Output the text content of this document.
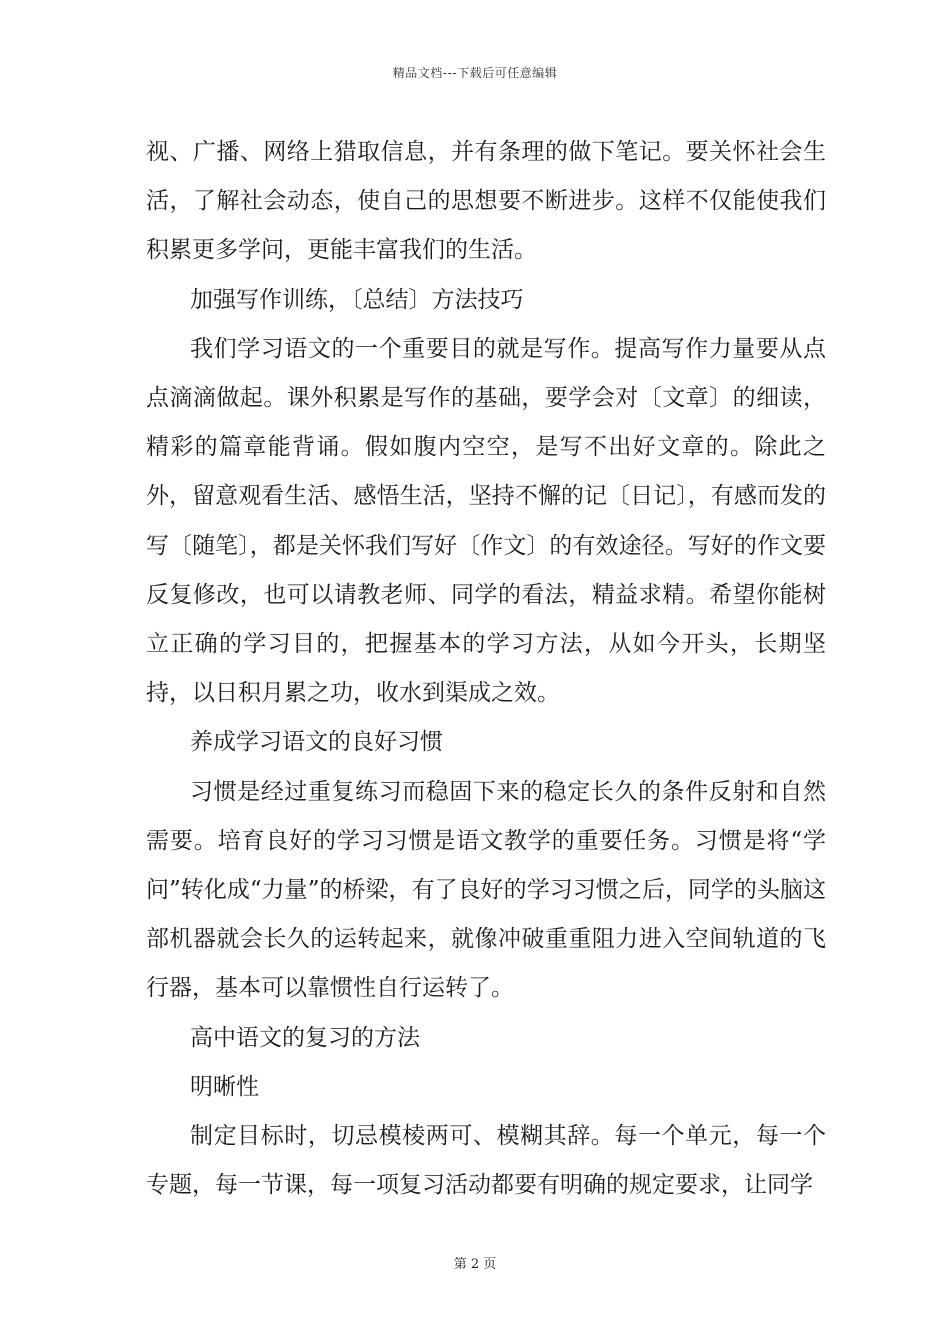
精品文档---下载后可任意编辑

视、广播、网络上猎取信息，并有条理的做下笔记。要关怀社会生活，了解社会动态，使自己的思想要不断进步。这样不仅能使我们积累更多学问，更能丰富我们的生活。

加强写作训练，〔总结〕方法技巧

我们学习语文的一个重要目的就是写作。提高写作力量要从点点滴滴做起。课外积累是写作的基础，要学会对〔文章〕的细读，精彩的篇章能背诵。假如腹内空空，是写不出好文章的。除此之外，留意观看生活、感悟生活，坚持不懈的记〔日记〕，有感而发的写〔随笔〕，都是关怀我们写好〔作文〕的有效途径。写好的作文要反复修改，也可以请教老师、同学的看法，精益求精。希望你能树立正确的学习目的，把握基本的学习方法，从如今开头，长期坚持，以日积月累之功，收水到渠成之效。

养成学习语文的良好习惯

习惯是经过重复练习而稳固下来的稳定长久的条件反射和自然需要。培育良好的学习习惯是语文教学的重要任务。习惯是将“学问”转化成“力量”的桥梁，有了良好的学习习惯之后，同学的头脑这部机器就会长久的运转起来，就像冲破重重阻力进入空间轨道的飞行器，基本可以靠惯性自行运转了。

高中语文的复习的方法

明晰性

制定目标时，切忌模棱两可、模糊其辞。每一个单元，每一个专题，每一节课，每一项复习活动都要有明确的规定要求，让同学

第 2 页
